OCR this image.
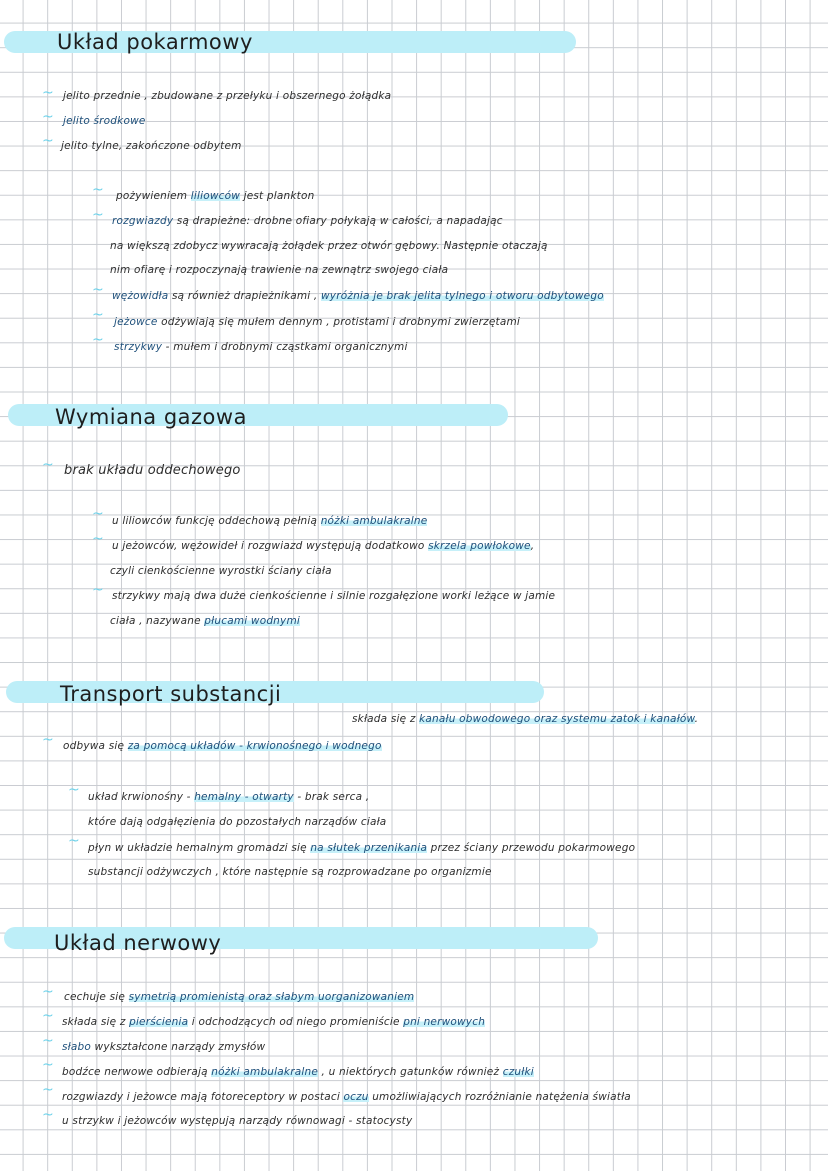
Układ pokarmowy
~ jelito przednie , zbudowane z przełyku i obszernego żołądka
~ jelito środkowe
~ jelito tylne, zakończone odbytem
~ pożywieniem liliowców jest plankton
~ rozgwiazdy są drapieżne: drobne ofiary połykają w całości, a napadając
na większą zdobycz wywracają żołądek przez otwór gębowy. Następnie otaczają
nim ofiarę i rozpoczynają trawienie na zewnątrz swojego ciała
~ wężowidła są również drapieżnikami , wyróżnia je brak jelita tylnego i otworu odbytowego
~ jeżowce odżywiają się mułem dennym , protistami i drobnymi zwierzętami
~ strzykwy - mułem i drobnymi cząstkami organicznymi
Wymiana gazowa
~ brak układu oddechowego
~ u liliowców funkcję oddechową pełnią nóżki ambulakralne
~ u jeżowców, wężowideł i rozgwiazd występują dodatkowo skrzela powłokowe,
czyli cienkościenne wyrostki ściany ciała
~ strzykwy mają dwa duże cienkościenne i silnie rozgałęzione worki leżące w jamie
ciała , nazywane płucami wodnymi
Transport substancji
składa się z kanału obwodowego oraz systemu zatok i kanałów.
~ odbywa się za pomocą układów - krwionośnego i wodnego
~ układ krwionośny - hemalny - otwarty - brak serca ,
które dają odgałęzienia do pozostałych narządów ciała
~ płyn w układzie hemalnym gromadzi się na słutek przenikania przez ściany przewodu pokarmowego
substancji odżywczych , które następnie są rozprowadzane po organizmie
Układ nerwowy
~ cechuje się symetrią promienistą oraz słabym uorganizowaniem
~ składa się z pierścienia i odchodzących od niego promieniście pni nerwowych
~ słabo wykształcone narządy zmysłów
~ bodźce nerwowe odbierają nóżki ambulakralne , u niektórych gatunków również czułki
~ rozgwiazdy i jeżowce mają fotoreceptory w postaci oczu umożliwiających rozróżnianie natężenia światła
~ u strzykw i jeżowców występują narządy równowagi - statocysty
